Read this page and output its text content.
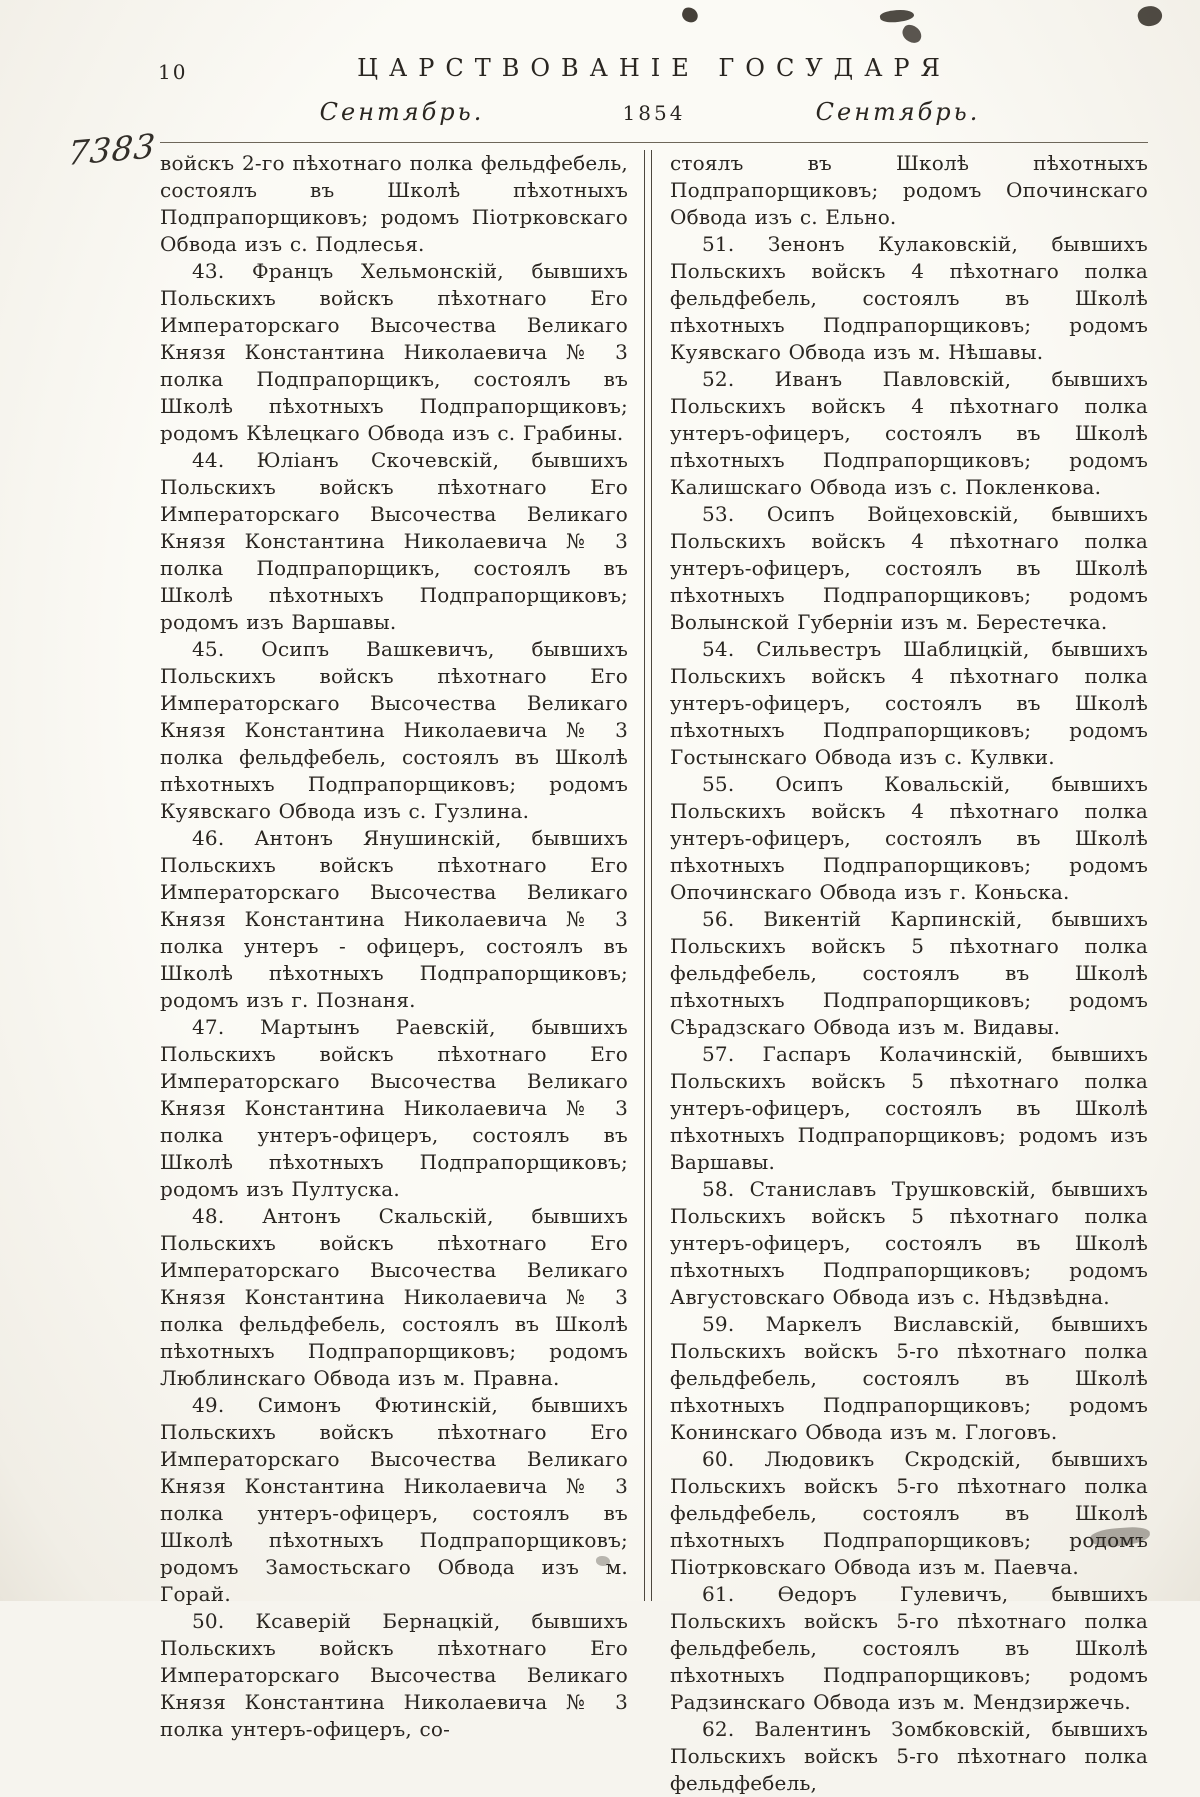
10	ЦАРСТВОВАНІЕ ГОСУДАРЯ
Сентябрь.	1854	Сентябрь.
7383 войскъ 2-го пѣхотнаго полка фельдфебель, состоялъ въ Школѣ пѣхотныхъ Подпрапорщиковъ; родомъ Піотрковскаго Обвода изъ с. Подлесья.

43. Францъ Хельмонскій, бывшихъ Польскихъ войскъ пѣхотнаго Его Императорскаго Высочества Великаго Князя Константина Николаевича № 3 полка Подпрапорщикъ, состоялъ въ Школѣ пѣхотныхъ Подпрапорщиковъ; родомъ Кѣлецкаго Обвода изъ с. Грабины.

44. Юліанъ Скочевскій, бывшихъ Польскихъ войскъ пѣхотнаго Его Императорскаго Высочества Великаго Князя Константина Николаевича № 3 полка Подпрапорщикъ, состоялъ въ Школѣ пѣхотныхъ Подпрапорщиковъ; родомъ изъ Варшавы.

45. Осипъ Вашкевичъ, бывшихъ Польскихъ войскъ пѣхотнаго Его Императорскаго Высочества Великаго Князя Константина Николаевича № 3 полка фельдфебель, состоялъ въ Школѣ пѣхотныхъ Подпрапорщиковъ; родомъ Куявскаго Обвода изъ с. Гузлина.

46. Антонъ Янушинскій, бывшихъ Польскихъ войскъ пѣхотнаго Его Императорскаго Высочества Великаго Князя Константина Николаевича № 3 полка унтеръ - офицеръ, состоялъ въ Школѣ пѣхотныхъ Подпрапорщиковъ; родомъ изъ г. Познаня.

47. Мартынъ Раевскій, бывшихъ Польскихъ войскъ пѣхотнаго Его Императорскаго Высочества Великаго Князя Константина Николаевича № 3 полка унтеръ-офицеръ, состоялъ въ Школѣ пѣхотныхъ Подпрапорщиковъ; родомъ изъ Пултуска.

48. Антонъ Скальскій, бывшихъ Польскихъ войскъ пѣхотнаго Его Императорскаго Высочества Великаго Князя Константина Николаевича № 3 полка фельдфебель, состоялъ въ Школѣ пѣхотныхъ Подпрапорщиковъ; родомъ Люблинскаго Обвода изъ м. Правна.

49. Симонъ Фютинскій, бывшихъ Польскихъ войскъ пѣхотнаго Его Императорскаго Высочества Великаго Князя Константина Николаевича № 3 полка унтеръ-офицеръ, состоялъ въ Школѣ пѣхотныхъ Подпрапорщиковъ; родомъ Замостьскаго Обвода изъ м. Горай.

50. Ксаверій Бернацкій, бывшихъ Польскихъ войскъ пѣхотнаго Его Императорскаго Высочества Великаго Князя Константина Николаевича № 3 полка унтеръ-офицеръ, со-

стоялъ въ Школѣ пѣхотныхъ Подпрапорщиковъ; родомъ Опочинскаго Обвода изъ с. Ельно.

51. Зенонъ Кулаковскій, бывшихъ Польскихъ войскъ 4 пѣхотнаго полка фельдфебель, состоялъ въ Школѣ пѣхотныхъ Подпрапорщиковъ; родомъ Куявскаго Обвода изъ м. Нѣшавы.

52. Иванъ Павловскій, бывшихъ Польскихъ войскъ 4 пѣхотнаго полка унтеръ-офицеръ, состоялъ въ Школѣ пѣхотныхъ Подпрапорщиковъ; родомъ Калишскаго Обвода изъ с. Покленкова.

53. Осипъ Войцеховскій, бывшихъ Польскихъ войскъ 4 пѣхотнаго полка унтеръ-офицеръ, состоялъ въ Школѣ пѣхотныхъ Подпрапорщиковъ; родомъ Волынской Губерніи изъ м. Берестечка.

54. Сильвестръ Шаблицкій, бывшихъ Польскихъ войскъ 4 пѣхотнаго полка унтеръ-офицеръ, состоялъ въ Школѣ пѣхотныхъ Подпрапорщиковъ; родомъ Гостынскаго Обвода изъ с. Кулвки.

55. Осипъ Ковальскій, бывшихъ Польскихъ войскъ 4 пѣхотнаго полка унтеръ-офицеръ, состоялъ въ Школѣ пѣхотныхъ Подпрапорщиковъ; родомъ Опочинскаго Обвода изъ г. Коньска.

56. Викентій Карпинскій, бывшихъ Польскихъ войскъ 5 пѣхотнаго полка фельдфебель, состоялъ въ Школѣ пѣхотныхъ Подпрапорщиковъ; родомъ Сѣрадзскаго Обвода изъ м. Видавы.

57. Гаспаръ Колачинскій, бывшихъ Польскихъ войскъ 5 пѣхотнаго полка унтеръ-офицеръ, состоялъ въ Школѣ пѣхотныхъ Подпрапорщиковъ; родомъ изъ Варшавы.

58. Станиславъ Трушковскій, бывшихъ Польскихъ войскъ 5 пѣхотнаго полка унтеръ-офицеръ, состоялъ въ Школѣ пѣхотныхъ Подпрапорщиковъ; родомъ Августовскаго Обвода изъ с. Нѣдзвѣдна.

59. Маркелъ Виславскій, бывшихъ Польскихъ войскъ 5-го пѣхотнаго полка фельдфебель, состоялъ въ Школѣ пѣхотныхъ Подпрапорщиковъ; родомъ Конинскаго Обвода изъ м. Глоговъ.

60. Людовикъ Скродскій, бывшихъ Польскихъ войскъ 5-го пѣхотнаго полка фельдфебель, состоялъ въ Школѣ пѣхотныхъ Подпрапорщиковъ; родомъ Піотрковскаго Обвода изъ м. Паевча.

61. Ѳедоръ Гулевичъ, бывшихъ Польскихъ войскъ 5-го пѣхотнаго полка фельдфебель, состоялъ въ Школѣ пѣхотныхъ Подпрапорщиковъ; родомъ Радзинскаго Обвода изъ м. Мендзиржечь.

62. Валентинъ Зомбковскій, бывшихъ Польскихъ войскъ 5-го пѣхотнаго полка фельдфебель,
